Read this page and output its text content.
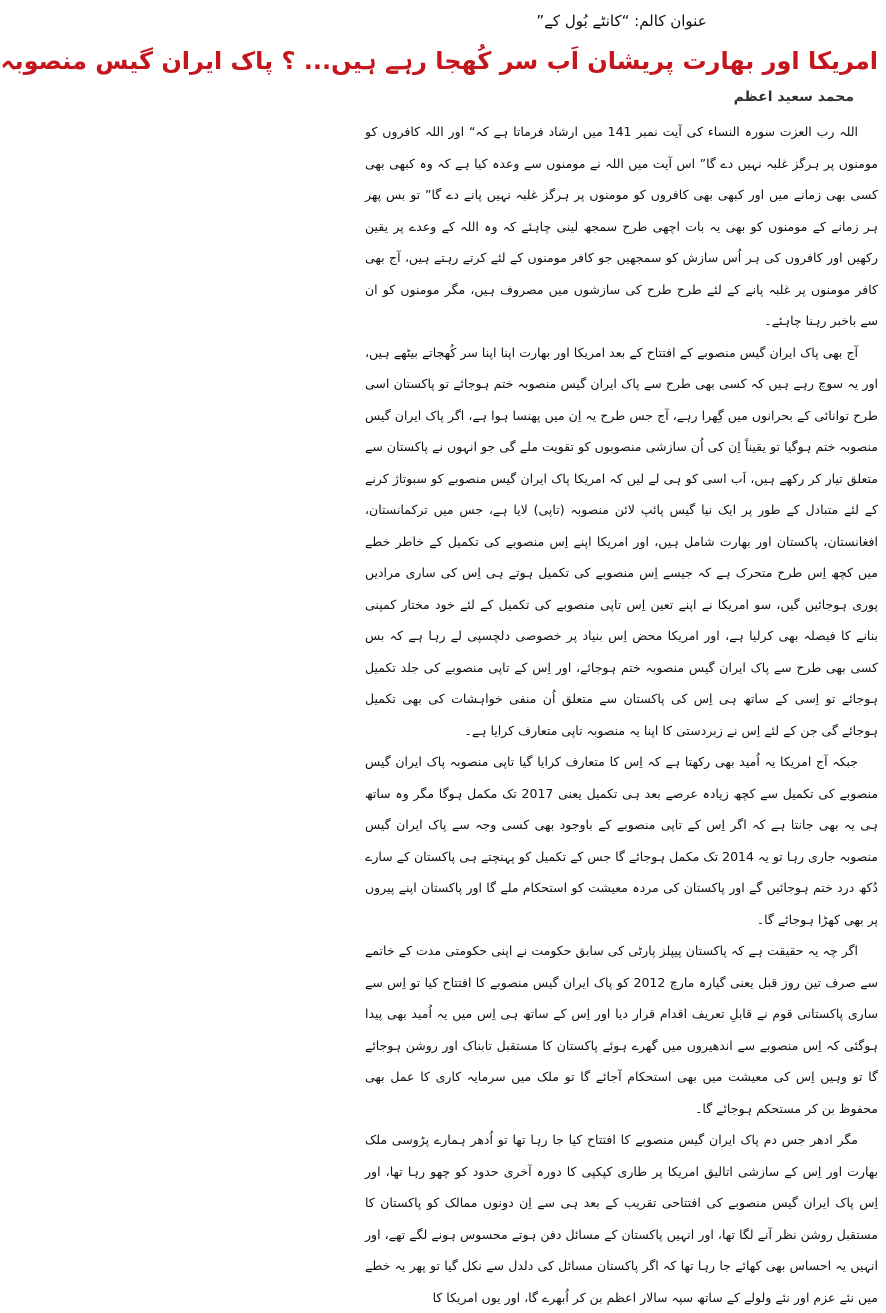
عنوان کالم: “کانٹے بُول کے”
امریکا اور بھارت پریشان اَب سر کُھجا رہے ہیں... ؟ پاک ایران گیس منصوبہ
محمد سعید اعظم

اللہ رب العزت سورہ النساء کی آیت نمبر 141 میں ارشاد فرماتا ہے کہ“ اور اللہ کافروں کو مومنوں پر ہرگز غلبہ نہیں دے گا” اس آیت میں اللہ نے مومنوں سے وعدہ کیا ہے کہ وہ کبھی بھی کسی بھی زمانے میں اور کبھی بھی کافروں کو مومنوں پر ہرگز غلبہ نہیں پانے دے گا” تو بس پھر ہر زمانے کے مومنوں کو بھی یہ بات اچھی طرح سمجھ لینی چاہئے کہ وہ اللہ کے وعدے پر یقین رکھیں اور کافروں کی ہر اُس سازش کو سمجھیں جو کافر مومنوں کے لئے کرتے رہتے ہیں، آج بھی کافر مومنوں پر غلبہ پانے کے لئے طرح طرح کی سازشوں میں مصروف ہیں، مگر مومنوں کو ان سے باخبر رہنا چاہئے۔

آج بھی پاک ایران گیس منصوبے کے افتتاح کے بعد امریکا اور بھارت اپنا اپنا سر کُھجاتے بیٹھے ہیں، اور یہ سوچ رہے ہیں کہ کسی بھی طرح سے پاک ایران گیس منصوبہ ختم ہوجائے تو پاکستان اسی طرح توانائی کے بحرانوں میں گِھرا رہے، آج جس طرح یہ اِن میں پھنسا ہوا ہے، اگر پاک ایران گیس منصوبہ ختم ہوگیا تو یقیناً اِن کی اُن سازشی منصوبوں کو تقویت ملے گی جو انہوں نے پاکستان سے متعلق تیار کر رکھے ہیں، اَب اسی کو ہی لے لیں کہ امریکا پاک ایران گیس منصوبے کو سبوتاژ کرنے کے لئے متبادل کے طور پر ایک نیا گیس پائپ لائن منصوبہ (تاپی) لایا ہے، جس میں ترکمانستان، افغانستان، پاکستان اور بھارت شامل ہیں، اور امریکا اپنے اِس منصوبے کی تکمیل کے خاطر خطے میں کچھ اِس طرح متحرک ہے کہ جیسے اِس منصوبے کی تکمیل ہوتے ہی اِس کی ساری مرادیں پوری ہوجائیں گیں، سو امریکا نے اپنے تعین اِس تاپی منصوبے کی تکمیل کے لئے خود مختار کمپنی بنانے کا فیصلہ بھی کرلیا ہے، اور امریکا محض اِس بنیاد پر خصوصی دلچسپی لے رہا ہے کہ بس کسی بھی طرح سے پاک ایران گیس منصوبہ ختم ہوجائے، اور اِس کے تاپی منصوبے کی جلد تکمیل ہوجائے تو اِسی کے ساتھ ہی اِس کی پاکستان سے متعلق اُن منفی خواہشات کی بھی تکمیل ہوجائے گی جن کے لئے اِس نے زبردستی کا اپنا یہ منصوبہ تاپی متعارف کرایا ہے۔

جبکہ آج امریکا یہ اُمید بھی رکھتا ہے کہ اِس کا متعارف کرایا گیا تاپی منصوبہ پاک ایران گیس منصوبے کی تکمیل سے کچھ زیادہ عرصے بعد ہی تکمیل یعنی 2017 تک مکمل ہوگا مگر وہ ساتھ ہی یہ بھی جانتا ہے کہ اگر اِس کے تاپی منصوبے کے باوجود بھی کسی وجہ سے پاک ایران گیس منصوبہ جاری رہا تو یہ 2014 تک مکمل ہوجائے گا جس کے تکمیل کو پہنچتے ہی پاکستان کے سارے دُکھ درد ختم ہوجائیں گے اور پاکستان کی مردہ معیشت کو استحکام ملے گا اور پاکستان اپنے پیروں پر بھی کھڑا ہوجائے گا۔

اگر چہ یہ حقیقت ہے کہ پاکستان پیپلز پارٹی کی سابق حکومت نے اپنی حکومتی مدت کے خاتمے سے صرف تین روز قبل یعنی گیارہ مارچ 2012 کو پاک ایران گیس منصوبے کا افتتاح کیا تو اِس سے ساری پاکستانی قوم نے قابلِ تعریف اقدام قرار دیا اور اِس کے ساتھ ہی اِس میں یہ اُمید بھی پیدا ہوگئی کہ اِس منصوبے سے اندھیروں میں گھرے ہوئے پاکستان کا مستقبل تابناک اور روشن ہوجائے گا تو وہیں اِس کی معیشت میں بھی استحکام آجائے گا تو ملک میں سرمایہ کاری کا عمل بھی محفوظ بن کر مستحکم ہوجائے گا۔

مگر ادھر جس دم پاک ایران گیس منصوبے کا افتتاح کیا جا رہا تھا تو اُدھر ہمارے پڑوسی ملک بھارت اور اِس کے سازشی اتالیق امریکا پر طاری کپکپی کا دورہ آخری حدود کو چھو رہا تھا، اور اِس پاک ایران گیس منصوبے کی افتتاحی تقریب کے بعد ہی سے اِن دونوں ممالک کو پاکستان کا مستقبل روشن نظر آنے لگا تھا، اور انہیں پاکستان کے مسائل دفن ہوتے محسوس ہونے لگے تھے، اور انہیں یہ احساس بھی کھائے جا رہا تھا کہ اگر پاکستان مسائل کی دلدل سے نکل گیا تو پھر یہ خطے میں نئے عزم اور نئے ولولے کے ساتھ سپہ سالار اعظم بن کر اُبھرے گا، اور یوں امریکا کا
